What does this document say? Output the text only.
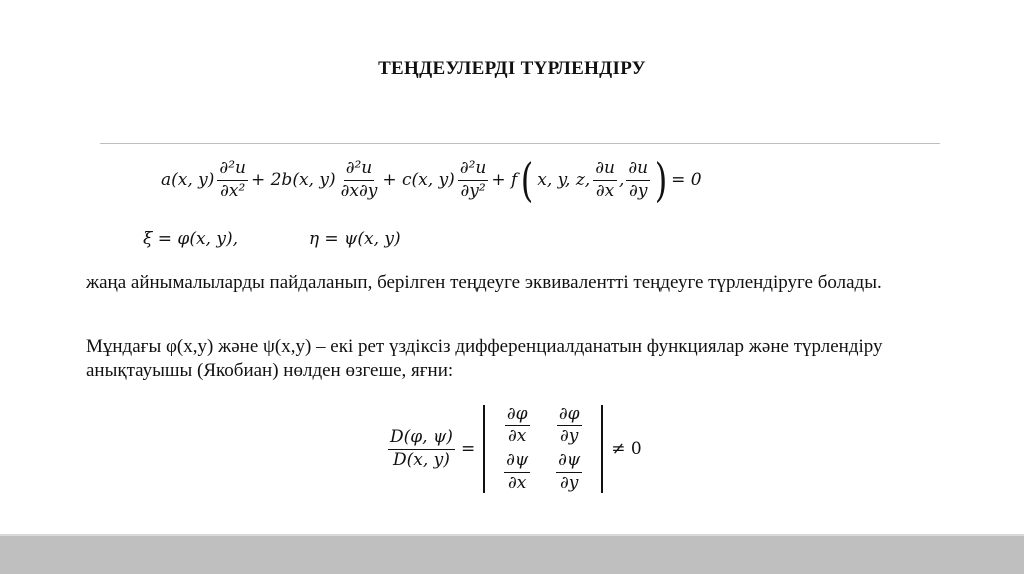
ТЕҢДЕУЛЕРДІ ТҮРЛЕНДІРУ
a(x, $y) \frac{\text{∂²u}}{\text{∂x²}} + 2b(x$, $y) \frac{\text{∂²u}}{\partial x\partial y} + c(x$, $y) \frac{\text{∂²u}}{\text{∂y²}} + f$ ( x, y, z, $\frac{\partial u}{\partial x}$ , $\frac{\partial u}{\partial y}$ ) = 0
ξ = φ(x, y),	η = ψ(x, y)
жаңа айнымалыларды пайдаланып, берілген теңдеуге эквивалентті теңдеуге түрлендіруге болады.
Мұндағы φ(x,y) және ψ(x,y) – екі рет үздіксіз дифференциалданатын функциялар және түрлендіру анықтауышы (Якобиан) нөлден өзгеше, яғни:
$\frac{D(\varphi, \psi)}{D(x, y)}$ =
$\frac{\partial\varphi}{\partial x} \frac{\partial\varphi}{\partial y}$
$\frac{\partial\psi}{\partial x} \frac{\partial\psi}{\partial y}$
≠ 0
